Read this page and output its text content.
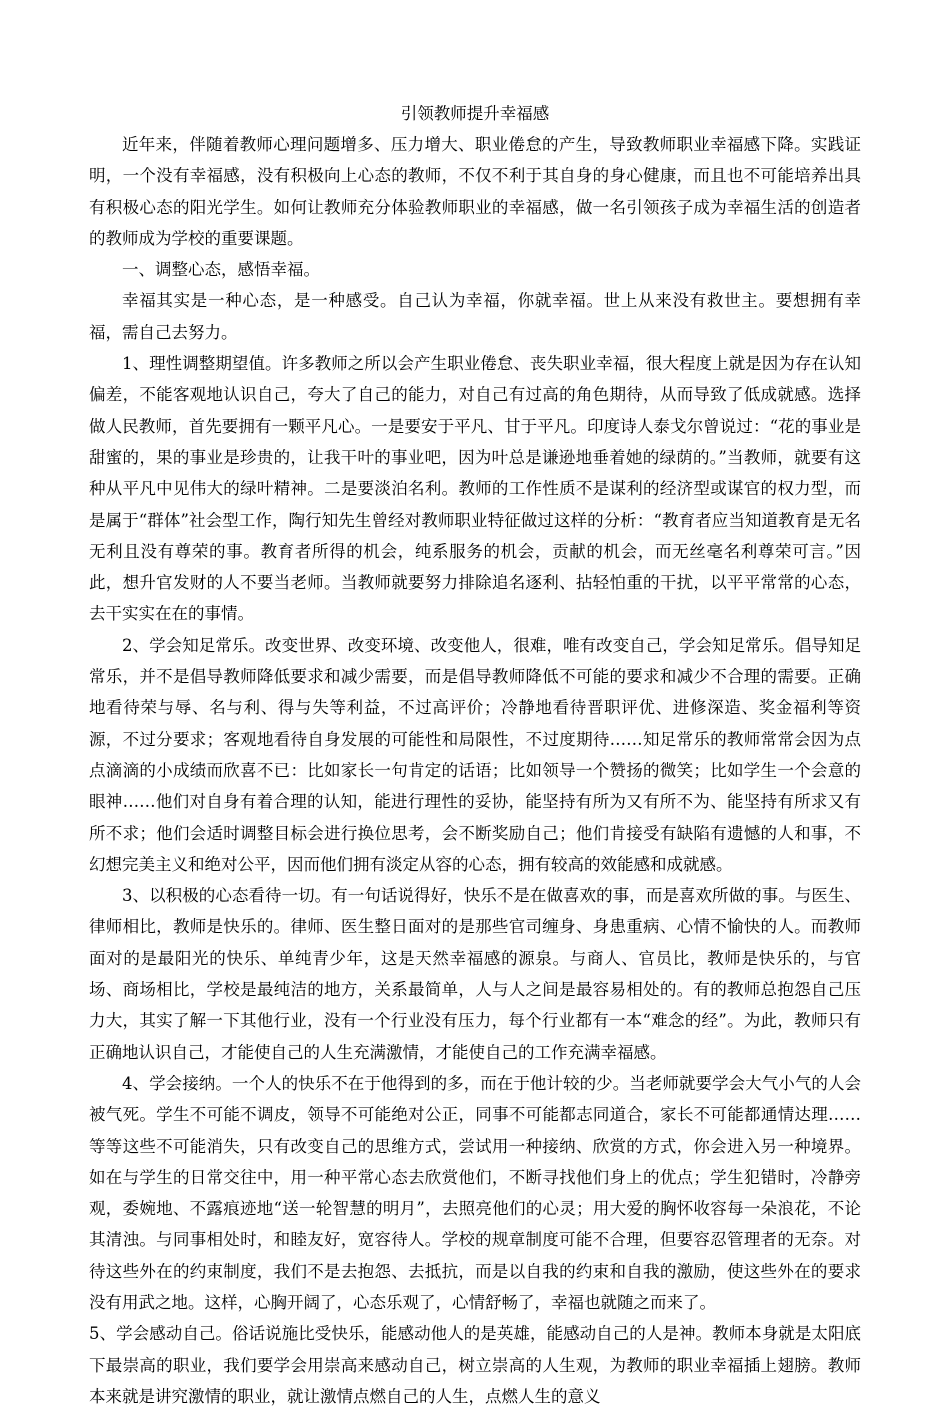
引领教师提升幸福感

近年来，伴随着教师心理问题增多、压力增大、职业倦怠的产生，导致教师职业幸福感下降。实践证明，一个没有幸福感，没有积极向上心态的教师，不仅不利于其自身的身心健康，而且也不可能培养出具有积极心态的阳光学生。如何让教师充分体验教师职业的幸福感，做一名引领孩子成为幸福生活的创造者的教师成为学校的重要课题。

一、调整心态，感悟幸福。

幸福其实是一种心态，是一种感受。自己认为幸福，你就幸福。世上从来没有救世主。要想拥有幸福，需自己去努力。

1、理性调整期望值。许多教师之所以会产生职业倦怠、丧失职业幸福，很大程度上就是因为存在认知偏差，不能客观地认识自己，夸大了自己的能力，对自己有过高的角色期待，从而导致了低成就感。选择做人民教师，首先要拥有一颗平凡心。一是要安于平凡、甘于平凡。印度诗人泰戈尔曾说过：“花的事业是甜蜜的，果的事业是珍贵的，让我干叶的事业吧，因为叶总是谦逊地垂着她的绿荫的。”当教师，就要有这种从平凡中见伟大的绿叶精神。二是要淡泊名利。教师的工作性质不是谋利的经济型或谋官的权力型，而是属于“群体”社会型工作，陶行知先生曾经对教师职业特征做过这样的分析：“教育者应当知道教育是无名无利且没有尊荣的事。教育者所得的机会，纯系服务的机会，贡献的机会，而无丝毫名利尊荣可言。”因此，想升官发财的人不要当老师。当教师就要努力排除追名逐利、拈轻怕重的干扰，以平平常常的心态，去干实实在在的事情。

2、学会知足常乐。改变世界、改变环境、改变他人，很难，唯有改变自己，学会知足常乐。倡导知足常乐，并不是倡导教师降低要求和减少需要，而是倡导教师降低不可能的要求和减少不合理的需要。正确地看待荣与辱、名与利、得与失等利益，不过高评价；冷静地看待晋职评优、进修深造、奖金福利等资源，不过分要求；客观地看待自身发展的可能性和局限性，不过度期待……知足常乐的教师常常会因为点点滴滴的小成绩而欣喜不已：比如家长一句肯定的话语；比如领导一个赞扬的微笑；比如学生一个会意的眼神……他们对自身有着合理的认知，能进行理性的妥协，能坚持有所为又有所不为、能坚持有所求又有所不求；他们会适时调整目标会进行换位思考，会不断奖励自己；他们肯接受有缺陷有遗憾的人和事，不幻想完美主义和绝对公平，因而他们拥有淡定从容的心态，拥有较高的效能感和成就感。

3、以积极的心态看待一切。有一句话说得好，快乐不是在做喜欢的事，而是喜欢所做的事。与医生、律师相比，教师是快乐的。律师、医生整日面对的是那些官司缠身、身患重病、心情不愉快的人。而教师面对的是最阳光的快乐、单纯青少年，这是天然幸福感的源泉。与商人、官员比，教师是快乐的，与官场、商场相比，学校是最纯洁的地方，关系最简单，人与人之间是最容易相处的。有的教师总抱怨自己压力大，其实了解一下其他行业，没有一个行业没有压力，每个行业都有一本“难念的经”。为此，教师只有正确地认识自己，才能使自己的人生充满激情，才能使自己的工作充满幸福感。

4、学会接纳。一个人的快乐不在于他得到的多，而在于他计较的少。当老师就要学会大气小气的人会被气死。学生不可能不调皮，领导不可能绝对公正，同事不可能都志同道合，家长不可能都通情达理……等等这些不可能消失，只有改变自己的思维方式，尝试用一种接纳、欣赏的方式，你会进入另一种境界。如在与学生的日常交往中，用一种平常心态去欣赏他们，不断寻找他们身上的优点；学生犯错时，冷静旁观，委婉地、不露痕迹地“送一轮智慧的明月”，去照亮他们的心灵；用大爱的胸怀收容每一朵浪花，不论其清浊。与同事相处时，和睦友好，宽容待人。学校的规章制度可能不合理，但要容忍管理者的无奈。对待这些外在的约束制度，我们不是去抱怨、去抵抗，而是以自我的约束和自我的激励，使这些外在的要求没有用武之地。这样，心胸开阔了，心态乐观了，心情舒畅了，幸福也就随之而来了。

5、学会感动自己。俗话说施比受快乐，能感动他人的是英雄，能感动自己的人是神。教师本身就是太阳底下最崇高的职业，我们要学会用崇高来感动自己，树立崇高的人生观，为教师的职业幸福插上翅膀。教师本来就是讲究激情的职业，就让激情点燃自己的人生，点燃人生的意义
